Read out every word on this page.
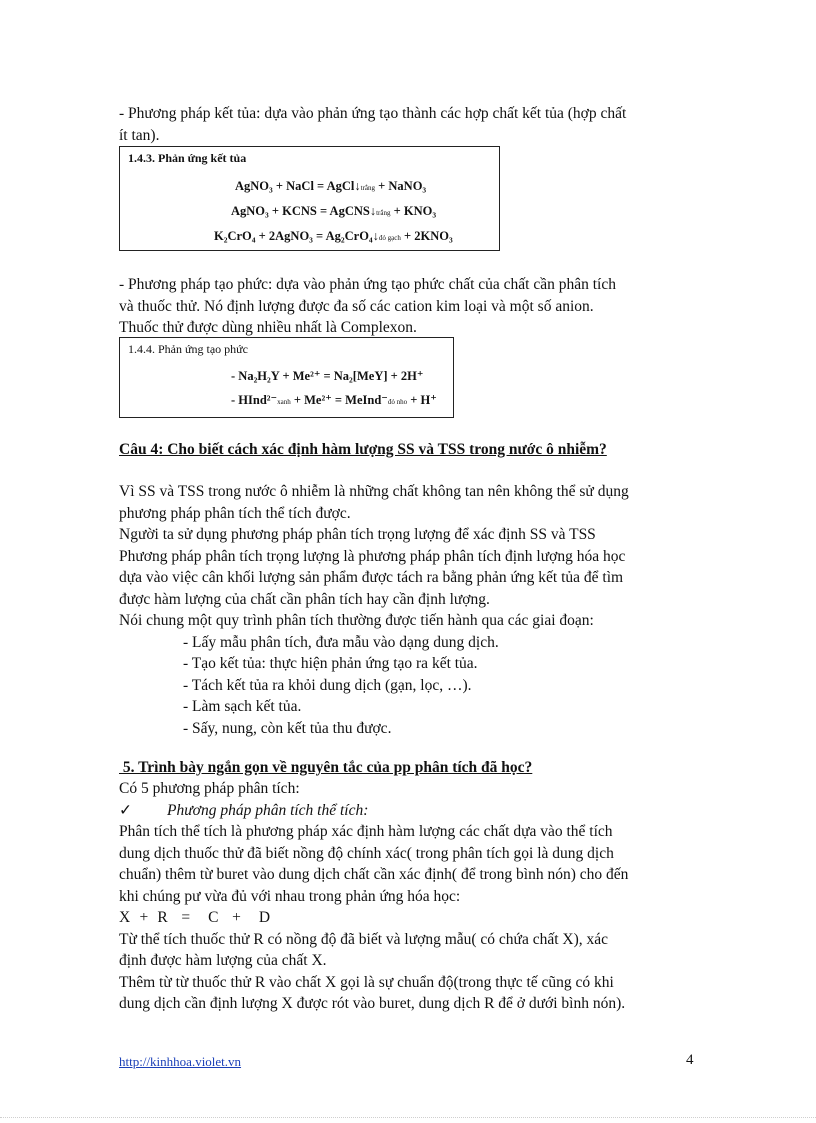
- Phương pháp kết tủa: dựa vào phản ứng tạo thành các hợp chất kết tủa (hợp chất

ít tan).

1.4.3. Phản ứng kết tủa
AgNO₃ + NaCl = AgCl↓trắng + NaNO₃
AgNO₃ + KCNS = AgCNS↓trắng + KNO₃
K₂CrO₄ + 2AgNO₃ = Ag₂CrO₄↓đỏ gạch + 2KNO₃

- Phương pháp tạo phức: dựa vào phản ứng tạo phức chất của chất cần phân tích

và thuốc thử. Nó định lượng được đa số các cation kim loại và một số anion.

Thuốc thử được dùng nhiều nhất là Complexon.

1.4.4. Phản ứng tạo phức
- Na₂H₂Y + Me²⁺ = Na₂[MeY] + 2H⁺
- HInd²⁻xanh + Me²⁺ = MeInd⁻đỏ nho + H⁺

Câu 4: Cho biết cách xác định hàm lượng SS và TSS trong nước ô nhiễm?

Vì SS và TSS trong nước ô nhiễm là những chất không tan nên không thể sử dụng

phương pháp phân tích thể tích được.

Người ta sử dụng phương pháp phân tích trọng lượng để xác định SS và TSS

Phương pháp phân tích trọng lượng là phương pháp phân tích định lượng hóa học

dựa vào việc cân khối lượng sản phẩm được tách ra bằng phản ứng kết tủa để tìm

được hàm lượng của chất cần phân tích hay cần định lượng.

Nói chung một quy trình phân tích thường được tiến hành qua các giai đoạn:

- Lấy mẫu phân tích, đưa mẫu vào dạng dung dịch.

- Tạo kết tủa: thực hiện phản ứng tạo ra kết tủa.

- Tách kết tủa ra khỏi dung dịch (gạn, lọc, …).

- Làm sạch kết tủa.

- Sấy, nung, còn kết tủa thu được.

5. Trình bày ngắn gọn về nguyên tắc của pp phân tích đã học?

Có 5 phương pháp phân tích:

✓ Phương pháp phân tích thể tích:

Phân tích thể tích là phương pháp xác định hàm lượng các chất dựa vào thể tích

dung dịch thuốc thử đã biết nồng độ chính xác( trong phân tích gọi là dung dịch

chuẩn) thêm từ buret vào dung dịch chất cần xác định( để trong bình nón) cho đến

khi chúng pư vừa đủ với nhau trong phản ứng hóa học:

X  +  R   =    C   +    D

Từ thể tích thuốc thử R có nồng độ đã biết và lượng mẫu( có chứa chất X), xác

định được hàm lượng của chất X.

Thêm từ từ thuốc thử R vào chất X gọi là sự chuẩn độ(trong thực tế cũng có khi

dung dịch cần định lượng X được rót vào buret, dung dịch R để ở dưới bình nón).

http://kinhhoa.violet.vn	4
